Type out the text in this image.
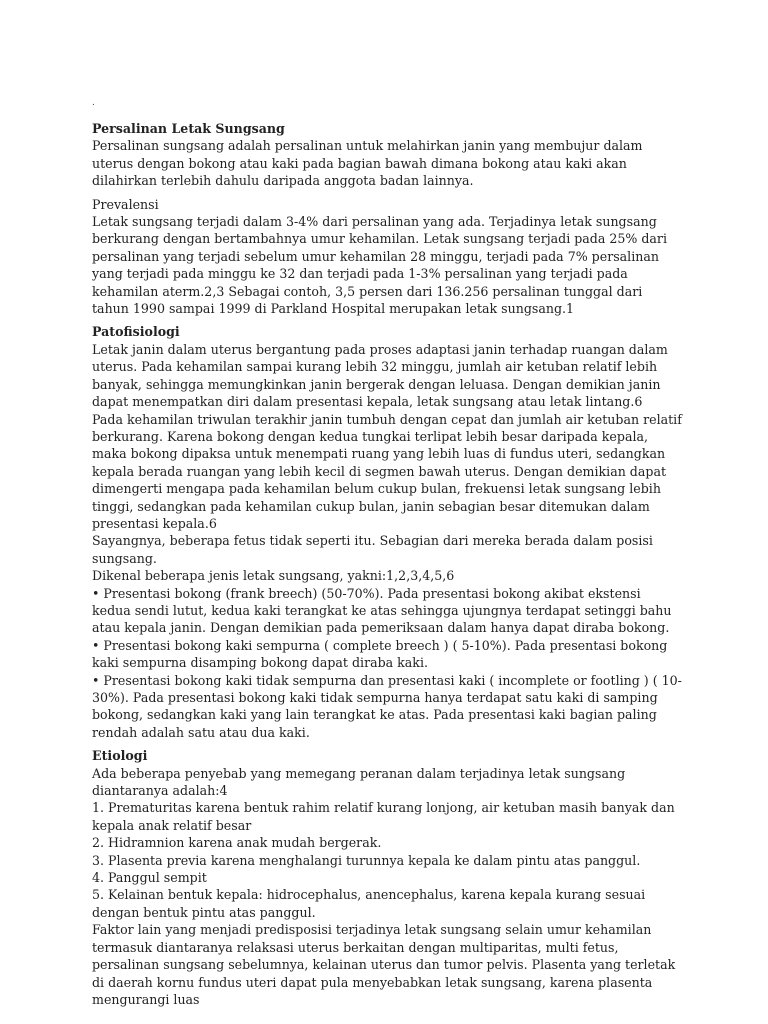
.

Persalinan Letak Sungsang

Persalinan sungsang adalah persalinan untuk melahirkan janin yang membujur dalam uterus dengan bokong atau kaki pada bagian bawah dimana bokong atau kaki akan dilahirkan terlebih dahulu daripada anggota badan lainnya.

Prevalensi

Letak sungsang terjadi dalam 3-4% dari persalinan yang ada. Terjadinya letak sungsang berkurang dengan bertambahnya umur kehamilan. Letak sungsang terjadi pada 25% dari persalinan yang terjadi sebelum umur kehamilan 28 minggu, terjadi pada 7% persalinan yang terjadi pada minggu ke 32 dan terjadi pada 1-3% persalinan yang terjadi pada kehamilan aterm.2,3 Sebagai contoh, 3,5 persen dari 136.256 persalinan tunggal dari tahun 1990 sampai 1999 di Parkland Hospital merupakan letak sungsang.1

Patofisiologi

Letak janin dalam uterus bergantung pada proses adaptasi janin terhadap ruangan dalam uterus. Pada kehamilan sampai kurang lebih 32 minggu, jumlah air ketuban relatif lebih banyak, sehingga memungkinkan janin bergerak dengan leluasa. Dengan demikian janin dapat menempatkan diri dalam presentasi kepala, letak sungsang atau letak lintang.6

Pada kehamilan triwulan terakhir janin tumbuh dengan cepat dan jumlah air ketuban relatif berkurang. Karena bokong dengan kedua tungkai terlipat lebih besar daripada kepala, maka bokong dipaksa untuk menempati ruang yang lebih luas di fundus uteri, sedangkan kepala berada ruangan yang lebih kecil di segmen bawah uterus. Dengan demikian dapat dimengerti mengapa pada kehamilan belum cukup bulan, frekuensi letak sungsang lebih tinggi, sedangkan pada kehamilan cukup bulan, janin sebagian besar ditemukan dalam presentasi kepala.6

Sayangnya, beberapa fetus tidak seperti itu. Sebagian dari mereka berada dalam posisi sungsang.

Dikenal beberapa jenis letak sungsang, yakni:1,2,3,4,5,6

• Presentasi bokong (frank breech) (50-70%). Pada presentasi bokong akibat ekstensi kedua sendi lutut, kedua kaki terangkat ke atas sehingga ujungnya terdapat setinggi bahu atau kepala janin. Dengan demikian pada pemeriksaan dalam hanya dapat diraba bokong.

• Presentasi bokong kaki sempurna ( complete breech ) ( 5-10%). Pada presentasi bokong kaki sempurna disamping bokong dapat diraba kaki.

• Presentasi bokong kaki tidak sempurna dan presentasi kaki ( incomplete or footling ) ( 10-30%). Pada presentasi bokong kaki tidak sempurna hanya terdapat satu kaki di samping bokong, sedangkan kaki yang lain terangkat ke atas. Pada presentasi kaki bagian paling rendah adalah satu atau dua kaki.

Etiologi

Ada beberapa penyebab yang memegang peranan dalam terjadinya letak sungsang diantaranya adalah:4

1. Prematuritas karena bentuk rahim relatif kurang lonjong, air ketuban masih banyak dan kepala anak relatif besar

2. Hidramnion karena anak mudah bergerak.

3. Plasenta previa karena menghalangi turunnya kepala ke dalam pintu atas panggul.

4. Panggul sempit

5. Kelainan bentuk kepala: hidrocephalus, anencephalus, karena kepala kurang sesuai dengan bentuk pintu atas panggul.

Faktor lain yang menjadi predisposisi terjadinya letak sungsang selain umur kehamilan termasuk diantaranya relaksasi uterus berkaitan dengan multiparitas, multi fetus, persalinan sungsang sebelumnya, kelainan uterus dan tumor pelvis. Plasenta yang terletak di daerah kornu fundus uteri dapat pula menyebabkan letak sungsang, karena plasenta mengurangi luas
